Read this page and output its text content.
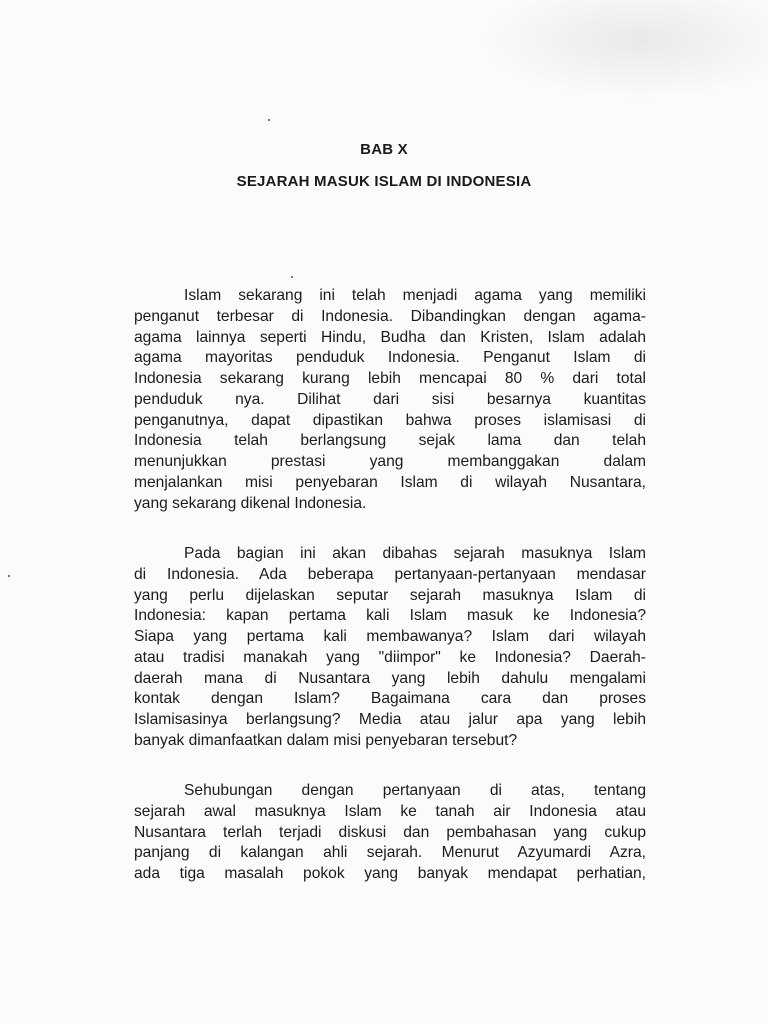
BAB X
SEJARAH MASUK ISLAM DI INDONESIA
Islam sekarang ini telah menjadi agama yang memiliki
penganut terbesar di Indonesia. Dibandingkan dengan agama-
agama lainnya seperti Hindu, Budha dan Kristen, Islam adalah
agama mayoritas penduduk Indonesia. Penganut Islam di
Indonesia sekarang kurang lebih mencapai 80 % dari total
penduduk nya. Dilihat dari sisi besarnya kuantitas
penganutnya, dapat dipastikan bahwa proses islamisasi di
Indonesia telah berlangsung sejak lama dan telah
menunjukkan prestasi yang membanggakan dalam
menjalankan misi penyebaran Islam di wilayah Nusantara,
yang sekarang dikenal Indonesia.
Pada bagian ini akan dibahas sejarah masuknya Islam
di Indonesia. Ada beberapa pertanyaan-pertanyaan mendasar
yang perlu dijelaskan seputar sejarah masuknya Islam di
Indonesia: kapan pertama kali Islam masuk ke Indonesia?
Siapa yang pertama kali membawanya? Islam dari wilayah
atau tradisi manakah yang "diimpor" ke Indonesia? Daerah-
daerah mana di Nusantara yang lebih dahulu mengalami
kontak dengan Islam? Bagaimana cara dan proses
Islamisasinya berlangsung? Media atau jalur apa yang lebih
banyak dimanfaatkan dalam misi penyebaran tersebut?
Sehubungan dengan pertanyaan di atas, tentang
sejarah awal masuknya Islam ke tanah air Indonesia atau
Nusantara terlah terjadi diskusi dan pembahasan yang cukup
panjang di kalangan ahli sejarah. Menurut Azyumardi Azra,
ada tiga masalah pokok yang banyak mendapat perhatian,
